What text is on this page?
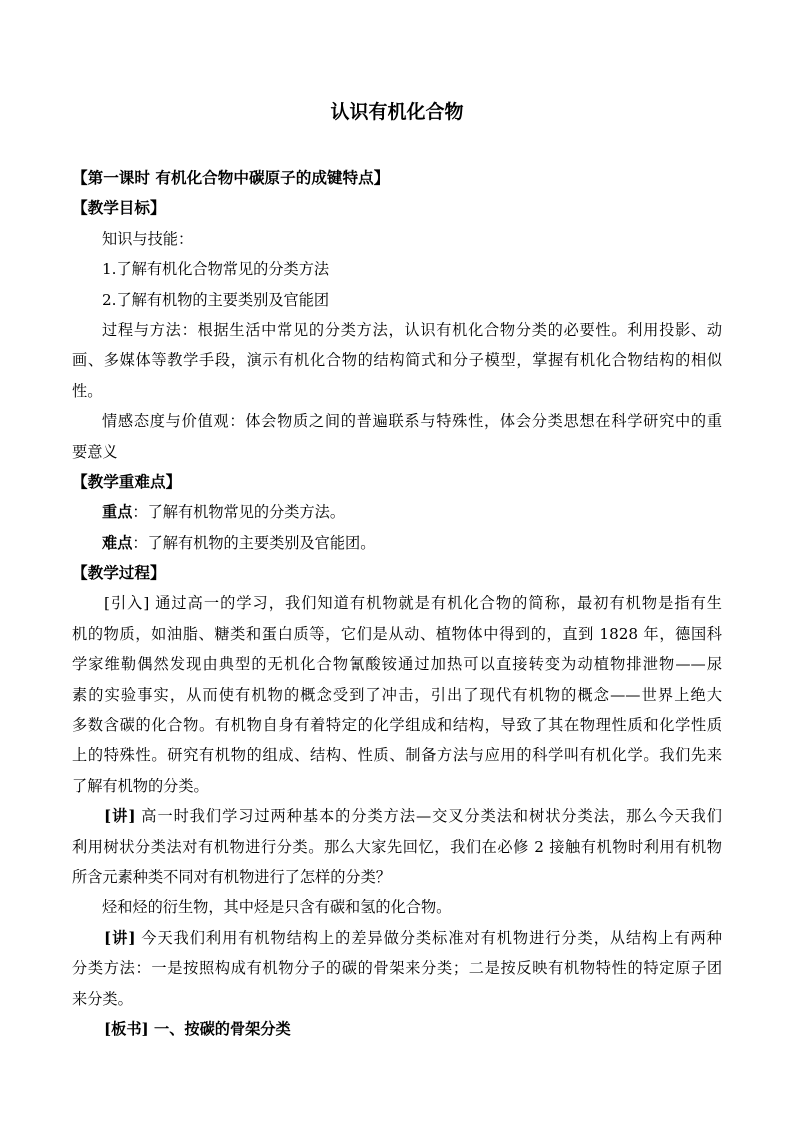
认识有机化合物
【第一课时 有机化合物中碳原子的成键特点】
【教学目标】
知识与技能：
1.了解有机化合物常见的分类方法
2.了解有机物的主要类别及官能团
过程与方法：根据生活中常见的分类方法，认识有机化合物分类的必要性。利用投影、动
画、多媒体等教学手段，演示有机化合物的结构简式和分子模型，掌握有机化合物结构的相似
性。
情感态度与价值观：体会物质之间的普遍联系与特殊性，体会分类思想在科学研究中的重
要意义
【教学重难点】
重点：了解有机物常见的分类方法。
难点：了解有机物的主要类别及官能团。
【教学过程】
[引入] 通过高一的学习，我们知道有机物就是有机化合物的简称，最初有机物是指有生
机的物质，如油脂、糖类和蛋白质等，它们是从动、植物体中得到的，直到 1828 年，德国科
学家维勒偶然发现由典型的无机化合物氰酸铵通过加热可以直接转变为动植物排泄物——尿
素的实验事实，从而使有机物的概念受到了冲击，引出了现代有机物的概念——世界上绝大
多数含碳的化合物。有机物自身有着特定的化学组成和结构，导致了其在物理性质和化学性质
上的特殊性。研究有机物的组成、结构、性质、制备方法与应用的科学叫有机化学。我们先来
了解有机物的分类。
[讲] 高一时我们学习过两种基本的分类方法—交叉分类法和树状分类法，那么今天我们
利用树状分类法对有机物进行分类。那么大家先回忆，我们在必修 2 接触有机物时利用有机物
所含元素种类不同对有机物进行了怎样的分类？
烃和烃的衍生物，其中烃是只含有碳和氢的化合物。
[讲] 今天我们利用有机物结构上的差异做分类标准对有机物进行分类，从结构上有两种
分类方法：一是按照构成有机物分子的碳的骨架来分类；二是按反映有机物特性的特定原子团
来分类。
[板书] 一、按碳的骨架分类
